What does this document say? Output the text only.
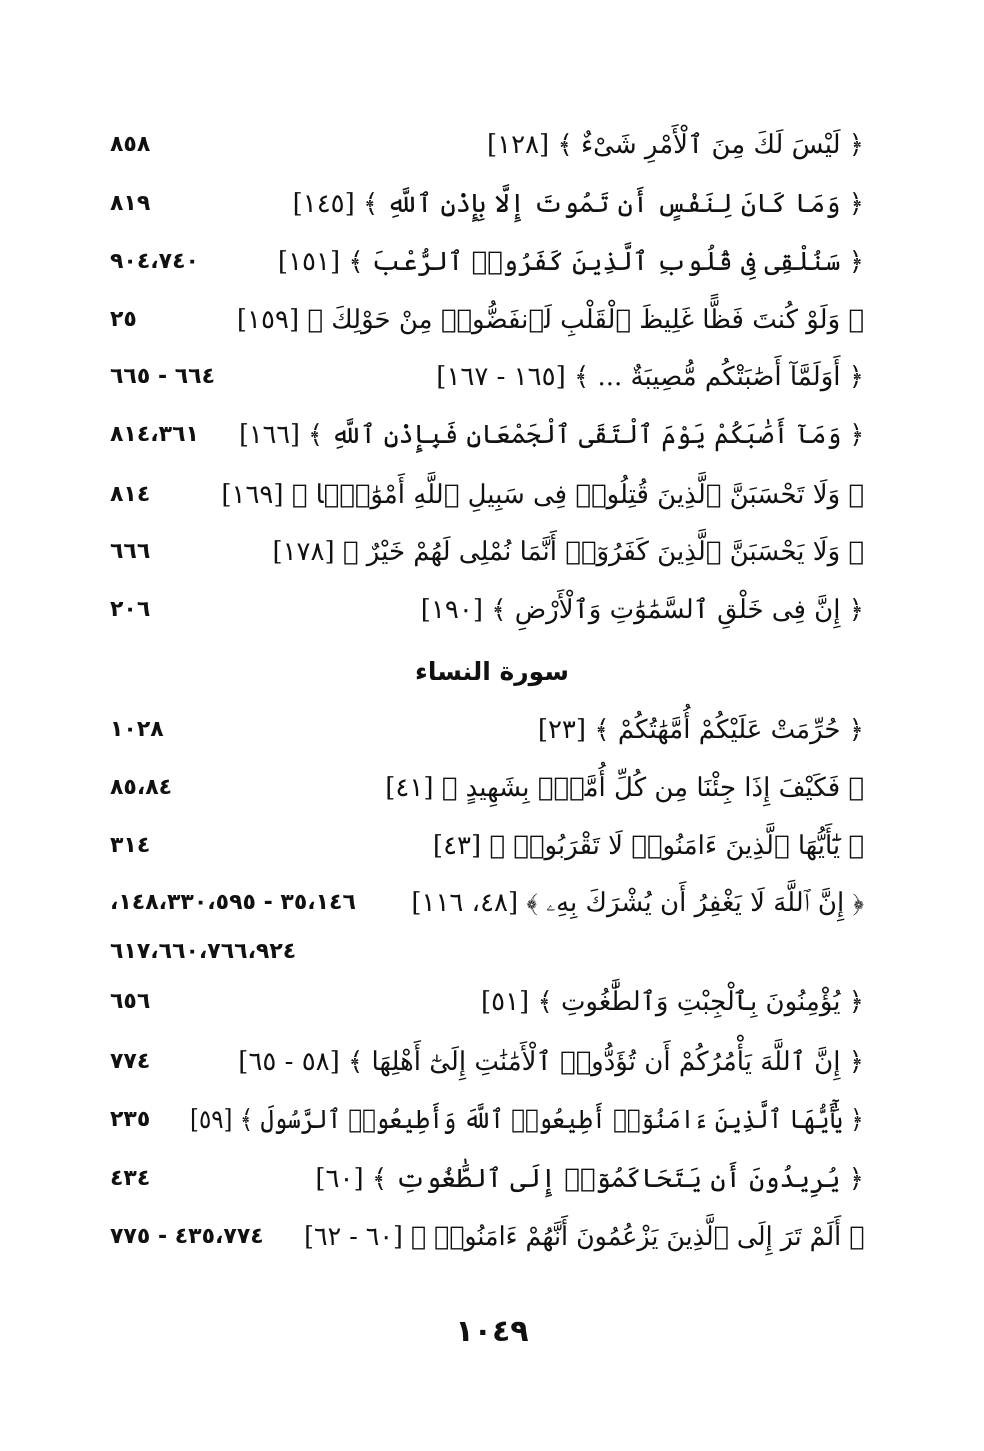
﴿ لَيْسَ لَكَ مِنَ ٱلْأَمْرِ شَىْءٌ ﴾ [١٢٨]
٨٥٨
﴿ وَمَا كَانَ لِنَفْسٍ أَن تَمُوتَ إِلَّا بِإِذْنِ ٱللَّهِ ﴾ [١٤٥]
٨١٩
﴿ سَنُلْقِى فِى قُلُوبِ ٱلَّذِينَ كَفَرُوا۟ ٱلرُّعْبَ ﴾ [١٥١]
٩٠٤،٧٤٠
﴿ وَلَوْ كُنتَ فَظًّا غَلِيظَ ٱلْقَلْبِ لَٱنفَضُّوا۟ مِنْ حَوْلِكَ ﴾ [١٥٩]
٢٥
﴿ أَوَلَمَّآ أَصَٰبَتْكُم مُّصِيبَةٌ ... ﴾ [١٦٥ - ١٦٧]
٦٦٤ - ٦٦٥
﴿ وَمَآ أَصَٰبَكُمْ يَوْمَ ٱلْتَقَى ٱلْجَمْعَانِ فَبِإِذْنِ ٱللَّهِ ﴾ [١٦٦]
٨١٤،٣٦١
﴿ وَلَا تَحْسَبَنَّ ٱلَّذِينَ قُتِلُوا۟ فِى سَبِيلِ ٱللَّهِ أَمْوَٰتًۢا ﴾ [١٦٩]
٨١٤
﴿ وَلَا يَحْسَبَنَّ ٱلَّذِينَ كَفَرُوٓا۟ أَنَّمَا نُمْلِى لَهُمْ خَيْرٌ ﴾ [١٧٨]
٦٦٦
﴿ إِنَّ فِى خَلْقِ ٱلسَّمَٰوَٰتِ وَٱلْأَرْضِ ﴾ [١٩٠]
٢٠٦
سورة النساء
﴿ حُرِّمَتْ عَلَيْكُمْ أُمَّهَٰتُكُمْ ﴾ [٢٣]
١٠٢٨
﴿ فَكَيْفَ إِذَا جِئْنَا مِن كُلِّ أُمَّةٍۭ بِشَهِيدٍ ﴾ [٤١]
٨٥،٨٤
﴿ يَٰٓأَيُّهَا ٱلَّذِينَ ءَامَنُوا۟ لَا تَقْرَبُوا۟ ﴾ [٤٣]
٣١٤
﴿ إِنَّ ٱللَّهَ لَا يَغْفِرُ أَن يُشْرَكَ بِهِۦ ﴾ [٤٨، ١١٦]
٣٥،١٤٦ - ١٤٨،٣٣٠،٥٩٥،
٦١٧،٦٦٠،٧٦٦،٩٢٤
﴿ يُؤْمِنُونَ بِٱلْجِبْتِ وَٱلطَّٰغُوتِ ﴾ [٥١]
٦٥٦
﴿ إِنَّ ٱللَّهَ يَأْمُرُكُمْ أَن تُؤَدُّوا۟ ٱلْأَمَٰنَٰتِ إِلَىٰٓ أَهْلِهَا ﴾ [٥٨ - ٦٥]
٧٧٤
﴿ يَٰٓأَيُّهَا ٱلَّذِينَ ءَامَنُوٓا۟ أَطِيعُوا۟ ٱللَّهَ وَأَطِيعُوا۟ ٱلرَّسُولَ ﴾ [٥٩]
٢٣٥
﴿ يُرِيدُونَ أَن يَتَحَاكَمُوٓا۟ إِلَى ٱلطَّٰغُوتِ ﴾ [٦٠]
٤٣٤
﴿ أَلَمْ تَرَ إِلَى ٱلَّذِينَ يَزْعُمُونَ أَنَّهُمْ ءَامَنُوا۟ ﴾ [٦٠ - ٦٢]
٤٣٥،٧٧٤ - ٧٧٥
١٠٤٩
